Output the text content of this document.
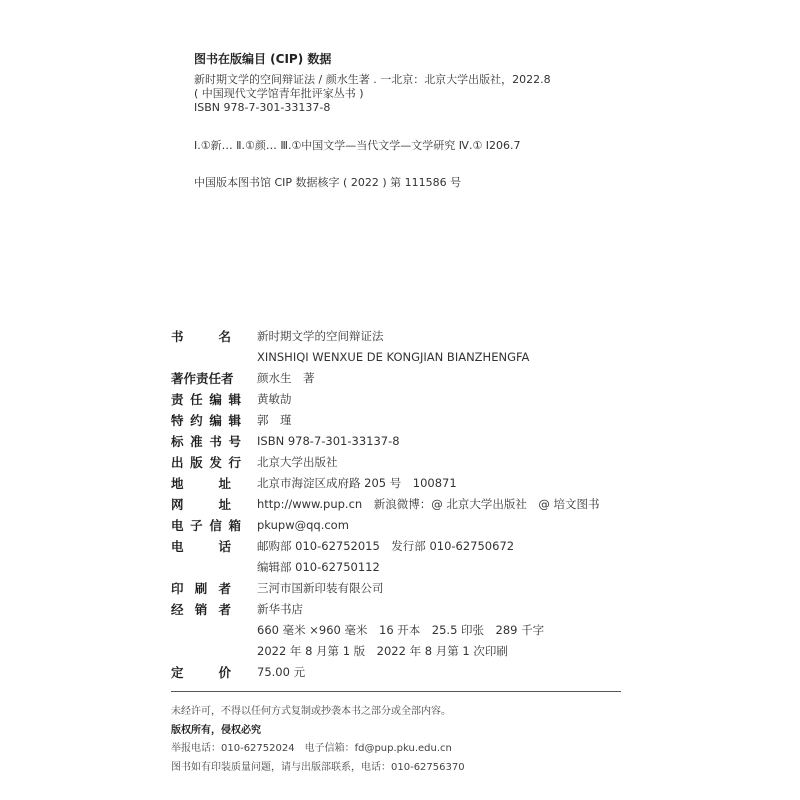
图书在版编目 (CIP) 数据
新时期文学的空间辩证法 / 颜水生著 . 一北京：北京大学出版社，2022.8
( 中国现代文学馆青年批评家丛书 )
ISBN 978-7-301-33137-8
Ⅰ.①新… Ⅱ.①颜… Ⅲ.①中国文学—当代文学—文学研究 Ⅳ.① I206.7
中国版本图书馆 CIP 数据核字 ( 2022 ) 第 111586 号
书	名 新时期文学的空间辩证法
XINSHIQI WENXUE DE KONGJIAN BIANZHENGFA
著作责任者	颜水生　著
责 任 编 辑 黄敏劼
特 约 编 辑 郭　瑾
标 准 书 号 ISBN 978-7-301-33137-8
出 版 发 行 北京大学出版社
地	址 北京市海淀区成府路 205 号　100871
网	址 http://www.pup.cn　新浪微博：@ 北京大学出版社　@ 培文图书
电 子 信 箱 pkupw@qq.com
电	话 邮购部 010-62752015　发行部 010-62750672
编辑部 010-62750112
印 刷 者 三河市国新印装有限公司
经 销 者 新华书店
660 毫米 ×960 毫米　16 开本　25.5 印张　289 千字
2022 年 8 月第 1 版　2022 年 8 月第 1 次印刷
定	价 75.00 元
未经许可，不得以任何方式复制或抄袭本书之部分或全部内容。
版权所有，侵权必究
举报电话：010-62752024　电子信箱：fd@pup.pku.edu.cn
图书如有印装质量问题，请与出版部联系，电话：010-62756370
